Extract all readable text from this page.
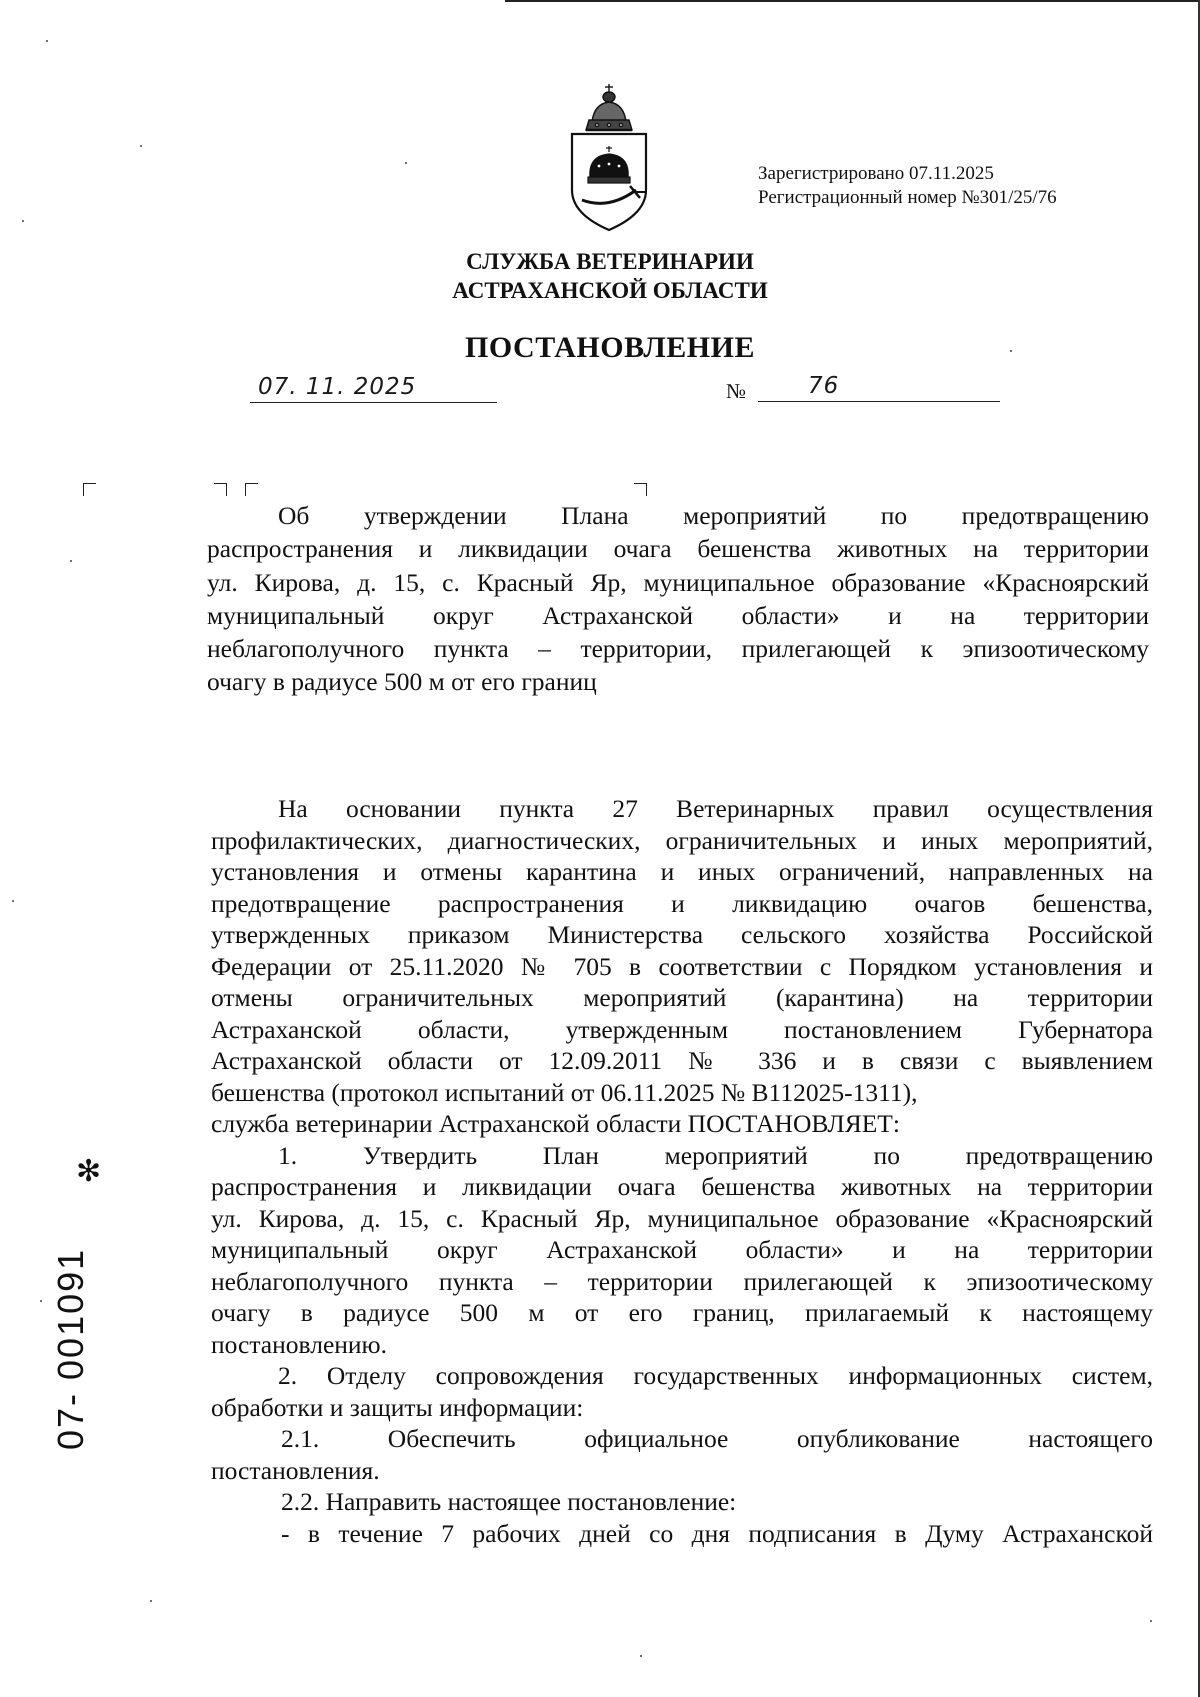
Зарегистрировано 07.11.2025
Регистрационный номер №301/25/76
СЛУЖБА ВЕТЕРИНАРИИ
АСТРАХАНСКОЙ ОБЛАСТИ
ПОСТАНОВЛЕНИЕ
07. 11. 2025	№	76
Об утверждении Плана мероприятий по предотвращению
распространения и ликвидации очага бешенства животных на территории
ул. Кирова, д. 15, с. Красный Яр, муниципальное образование «Красноярский
муниципальный округ Астраханской области» и на территории
неблагополучного пункта – территории, прилегающей к эпизоотическому
очагу в радиусе 500 м от его границ
На основании пункта 27 Ветеринарных правил осуществления
профилактических, диагностических, ограничительных и иных мероприятий,
установления и отмены карантина и иных ограничений, направленных на
предотвращение распространения и ликвидацию очагов бешенства,
утвержденных приказом Министерства сельского хозяйства Российской
Федерации от 25.11.2020 № 705 в соответствии с Порядком установления и
отмены ограничительных мероприятий (карантина) на территории
Астраханской области, утвержденным постановлением Губернатора
Астраханской области от 12.09.2011 № 336 и в связи с выявлением
бешенства (протокол испытаний от 06.11.2025 № В112025-1311),
служба ветеринарии Астраханской области ПОСТАНОВЛЯЕТ:
1. Утвердить План мероприятий по предотвращению
распространения и ликвидации очага бешенства животных на территории
ул. Кирова, д. 15, с. Красный Яр, муниципальное образование «Красноярский
муниципальный округ Астраханской области» и на территории
неблагополучного пункта – территории прилегающей к эпизоотическому
очагу в радиусе 500 м от его границ, прилагаемый к настоящему
постановлению.
2. Отделу сопровождения государственных информационных систем,
обработки и защиты информации:
2.1. Обеспечить официальное опубликование настоящего
постановления.
2.2. Направить настоящее постановление:
- в течение 7 рабочих дней со дня подписания в Думу Астраханской
✻
07- 001091
